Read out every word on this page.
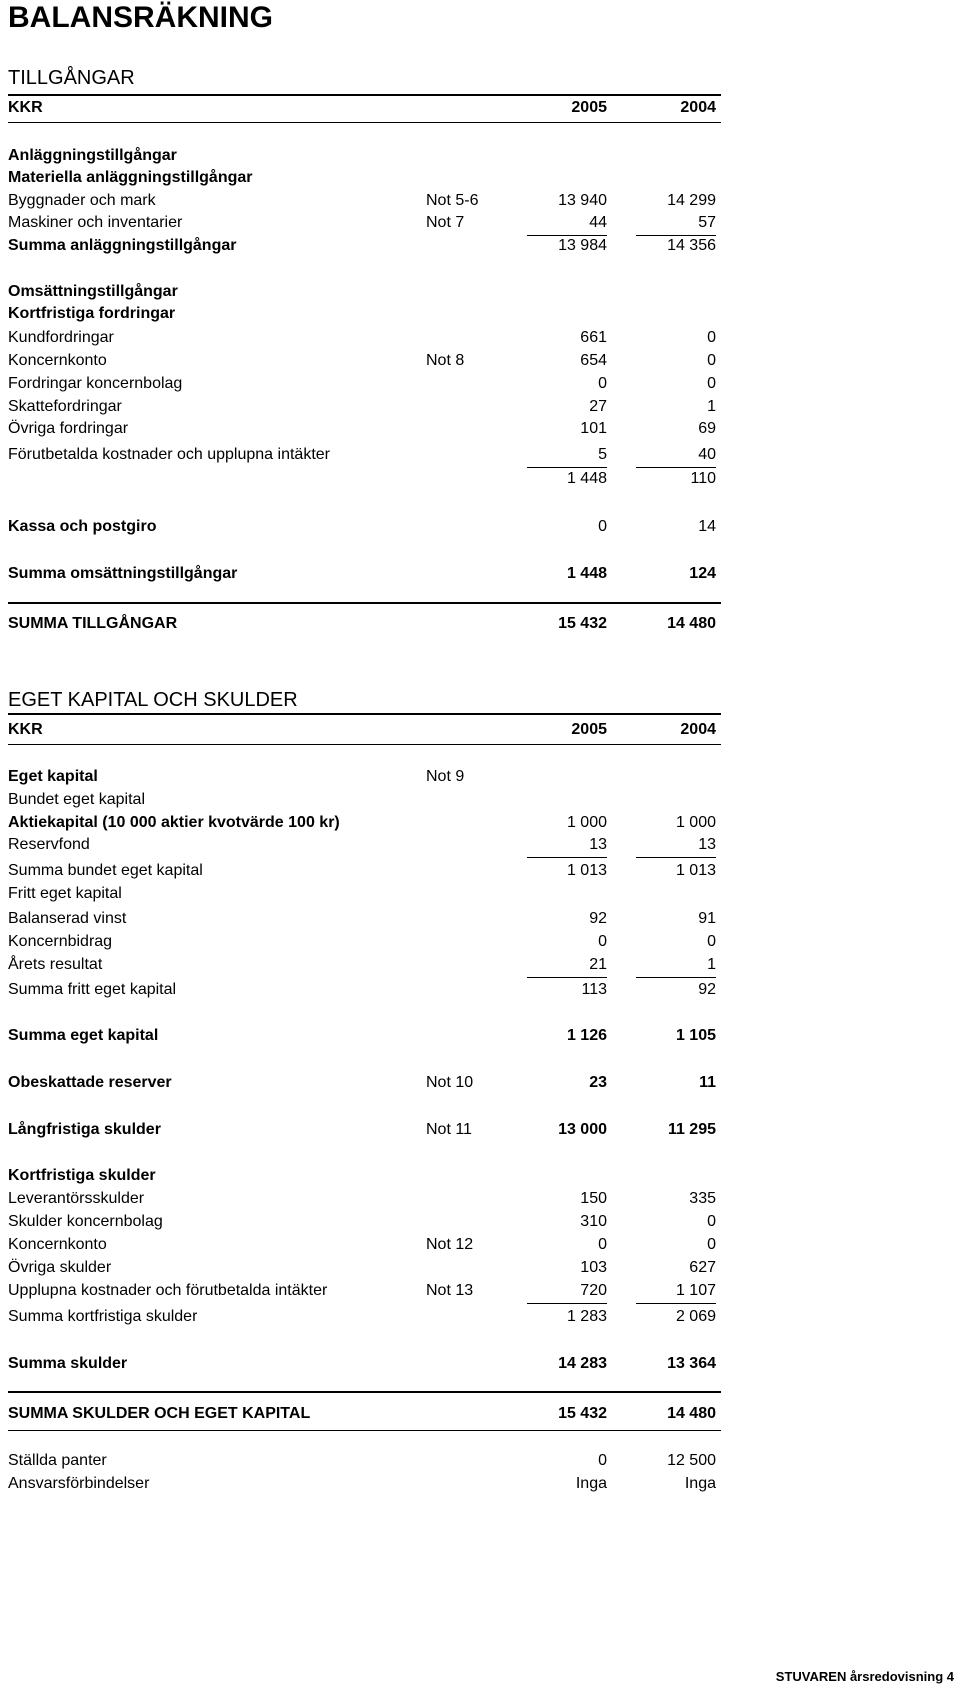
BALANSRÄKNING
TILLGÅNGAR
KKR	2005	2004
Anläggningstillgångar
Materiella anläggningstillgångar
Byggnader och mark	Not 5-6	13 940	14 299
Maskiner och inventarier	Not 7	44	57
Summa anläggningstillgångar	13 984	14 356
Omsättningstillgångar
Kortfristiga fordringar
Kundfordringar	661	0
Koncernkonto	Not 8	654	0
Fordringar koncernbolag	0	0
Skattefordringar	27	1
Övriga fordringar	101	69
Förutbetalda kostnader och upplupna intäkter	5	40
1 448	110
Kassa och postgiro	0	14
Summa omsättningstillgångar	1 448	124
SUMMA TILLGÅNGAR	15 432	14 480
EGET KAPITAL OCH SKULDER
KKR	2005	2004
Eget kapital	Not 9
Bundet eget kapital
Aktiekapital (10 000 aktier kvotvärde 100 kr)	1 000	1 000
Reservfond	13	13
Summa bundet eget kapital	1 013	1 013
Fritt eget kapital
Balanserad vinst	92	91
Koncernbidrag	0	0
Årets resultat	21	1
Summa fritt eget kapital	113	92
Summa eget kapital	1 126	1 105
Obeskattade reserver	Not 10	23	11
Långfristiga skulder	Not 11	13 000	11 295
Kortfristiga skulder
Leverantörsskulder	150	335
Skulder koncernbolag	310	0
Koncernkonto	Not 12	0	0
Övriga skulder	103	627
Upplupna kostnader och förutbetalda intäkter	Not 13	720	1 107
Summa kortfristiga skulder	1 283	2 069
Summa skulder	14 283	13 364
SUMMA SKULDER OCH EGET KAPITAL	15 432	14 480
Ställda panter	0	12 500
Ansvarsförbindelser	Inga	Inga
STUVAREN årsredovisning 4
